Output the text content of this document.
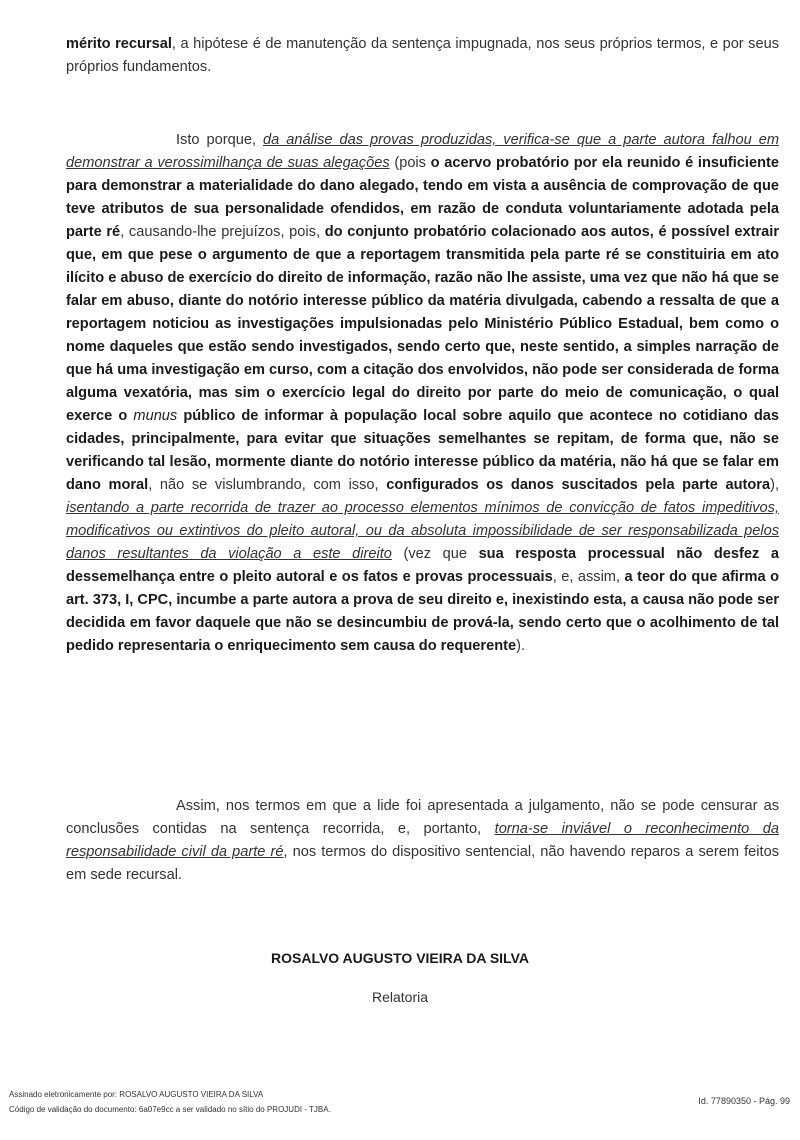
mérito recursal, a hipótese é de manutenção da sentença impugnada, nos seus próprios termos, e por seus próprios fundamentos.
Isto porque, da análise das provas produzidas, verifica-se que a parte autora falhou em demonstrar a verossimilhança de suas alegações (pois o acervo probatório por ela reunido é insuficiente para demonstrar a materialidade do dano alegado, tendo em vista a ausência de comprovação de que teve atributos de sua personalidade ofendidos, em razão de conduta voluntariamente adotada pela parte ré, causando-lhe prejuízos, pois, do conjunto probatório colacionado aos autos, é possível extrair que, em que pese o argumento de que a reportagem transmitida pela parte ré se constituiria em ato ilícito e abuso de exercício do direito de informação, razão não lhe assiste, uma vez que não há que se falar em abuso, diante do notório interesse público da matéria divulgada, cabendo a ressalta de que a reportagem noticiou as investigações impulsionadas pelo Ministério Público Estadual, bem como o nome daqueles que estão sendo investigados, sendo certo que, neste sentido, a simples narração de que há uma investigação em curso, com a citação dos envolvidos, não pode ser considerada de forma alguma vexatória, mas sim o exercício legal do direito por parte do meio de comunicação, o qual exerce o munus público de informar à população local sobre aquilo que acontece no cotidiano das cidades, principalmente, para evitar que situações semelhantes se repitam, de forma que, não se verificando tal lesão, mormente diante do notório interesse público da matéria, não há que se falar em dano moral, não se vislumbrando, com isso, configurados os danos suscitados pela parte autora), isentando a parte recorrida de trazer ao processo elementos mínimos de convicção de fatos impeditivos, modificativos ou extintivos do pleito autoral, ou da absoluta impossibilidade de ser responsabilizada pelos danos resultantes da violação a este direito (vez que sua resposta processual não desfez a dessemelhança entre o pleito autoral e os fatos e provas processuais, e, assim, a teor do que afirma o art. 373, I, CPC, incumbe a parte autora a prova de seu direito e, inexistindo esta, a causa não pode ser decidida em favor daquele que não se desincumbiu de prová-la, sendo certo que o acolhimento de tal pedido representaria o enriquecimento sem causa do requerente).
Assim, nos termos em que a lide foi apresentada a julgamento, não se pode censurar as conclusões contidas na sentença recorrida, e, portanto, torna-se inviável o reconhecimento da responsabilidade civil da parte ré, nos termos do dispositivo sentencial, não havendo reparos a serem feitos em sede recursal.
ROSALVO AUGUSTO VIEIRA DA SILVA
Relatoria
Assinado eletronicamente por: ROSALVO AUGUSTO VIEIRA DA SILVA
Código de validação do documento: 6a07e9cc a ser validado no sítio do PROJUDI - TJBA.
Id. 77890350 - Pág. 99
